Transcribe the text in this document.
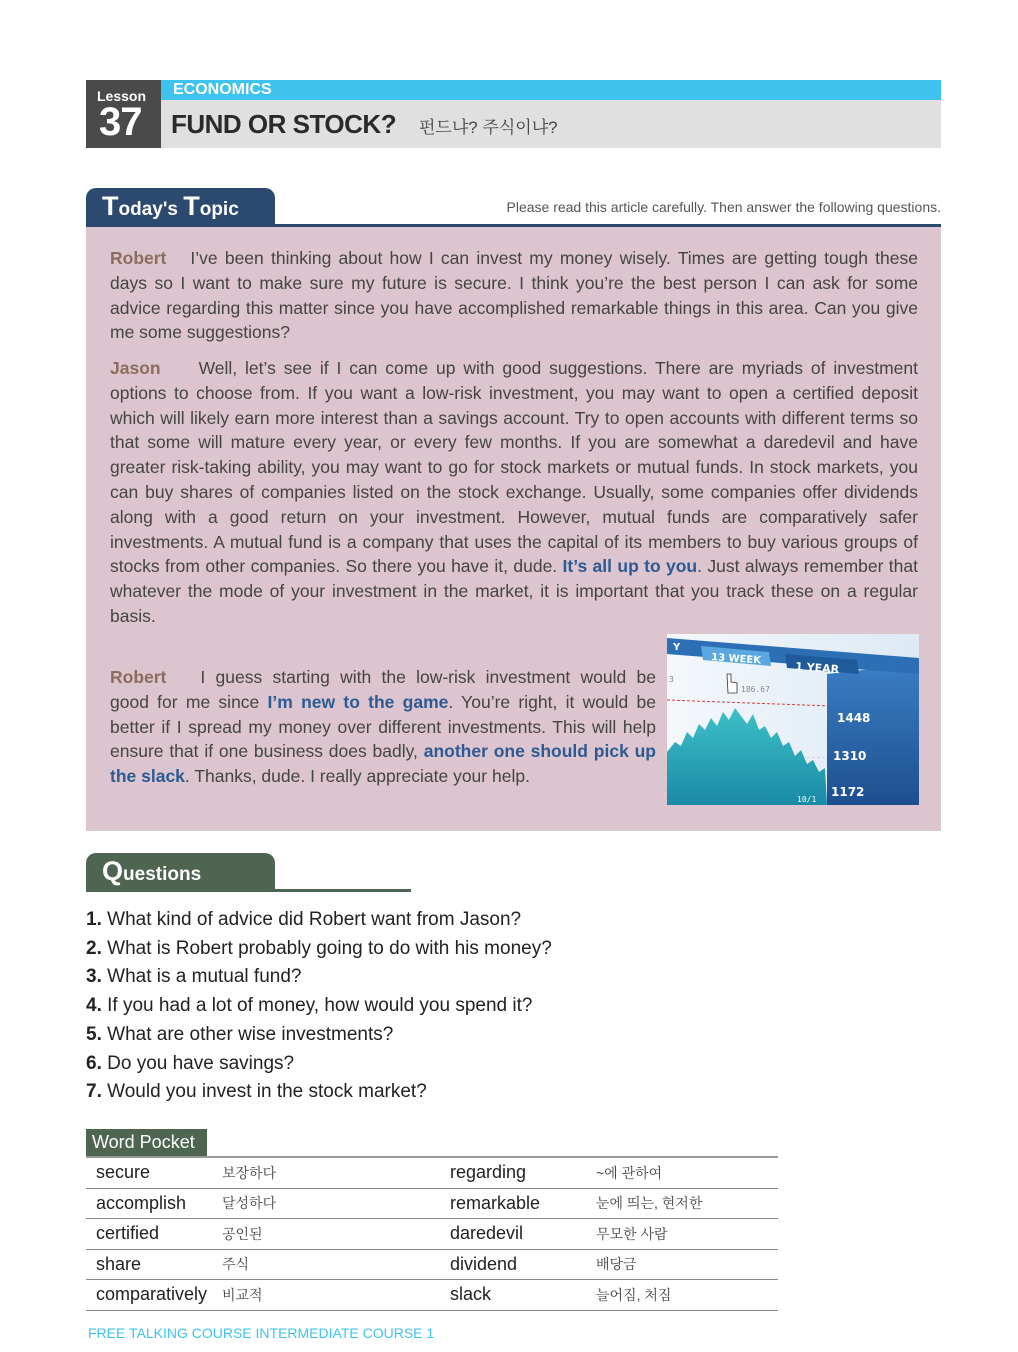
Lesson
37
ECONOMICS
FUND OR STOCK? 펀드냐? 주식이냐?
Today's Topic	Please read this article carefully. Then answer the following questions.
Robert I’ve been thinking about how I can invest my money wisely. Times are getting tough these days so I want to make sure my future is secure. I think you’re the best person I can ask for some advice regarding this matter since you have accomplished remarkable things in this area. Can you give me some suggestions?
Jason Well, let’s see if I can come up with good suggestions. There are myriads of investment options to choose from. If you want a low-risk investment, you may want to open a certified deposit which will likely earn more interest than a savings account. Try to open accounts with different terms so that some will mature every year, or every few months. If you are somewhat a daredevil and have greater risk-taking ability, you may want to go for stock markets or mutual funds. In stock markets, you can buy shares of companies listed on the stock exchange. Usually, some companies offer dividends along with a good return on your investment. However, mutual funds are comparatively safer investments. A mutual fund is a company that uses the capital of its members to buy various groups of stocks from other companies. So there you have it, dude. It’s all up to you. Just always remember that whatever the mode of your investment in the market, it is important that you track these on a regular basis.
Robert I guess starting with the low-risk investment would be good for me since I’m new to the game. You’re right, it would be better if I spread my money over different investments. This will help ensure that if one business does badly, another one should pick up the slack. Thanks, dude. I really appreciate your help.
Y
13 WEEK
1 YEAR
3
186.67
1448
1310
1172
10/1
Questions
1. What kind of advice did Robert want from Jason?
2. What is Robert probably going to do with his money?
3. What is a mutual fund?
4. If you had a lot of money, how would you spend it?
5. What are other wise investments?
6. Do you have savings?
7. Would you invest in the stock market?
Word Pocket
secure	보장하다	regarding	~에 관하여
accomplish	달성하다	remarkable	눈에 띄는, 현저한
certified	공인된	daredevil	무모한 사람
share	주식	dividend	배당금
comparatively	비교적	slack	늘어짐, 처짐
FREE TALKING COURSE INTERMEDIATE COURSE 1
